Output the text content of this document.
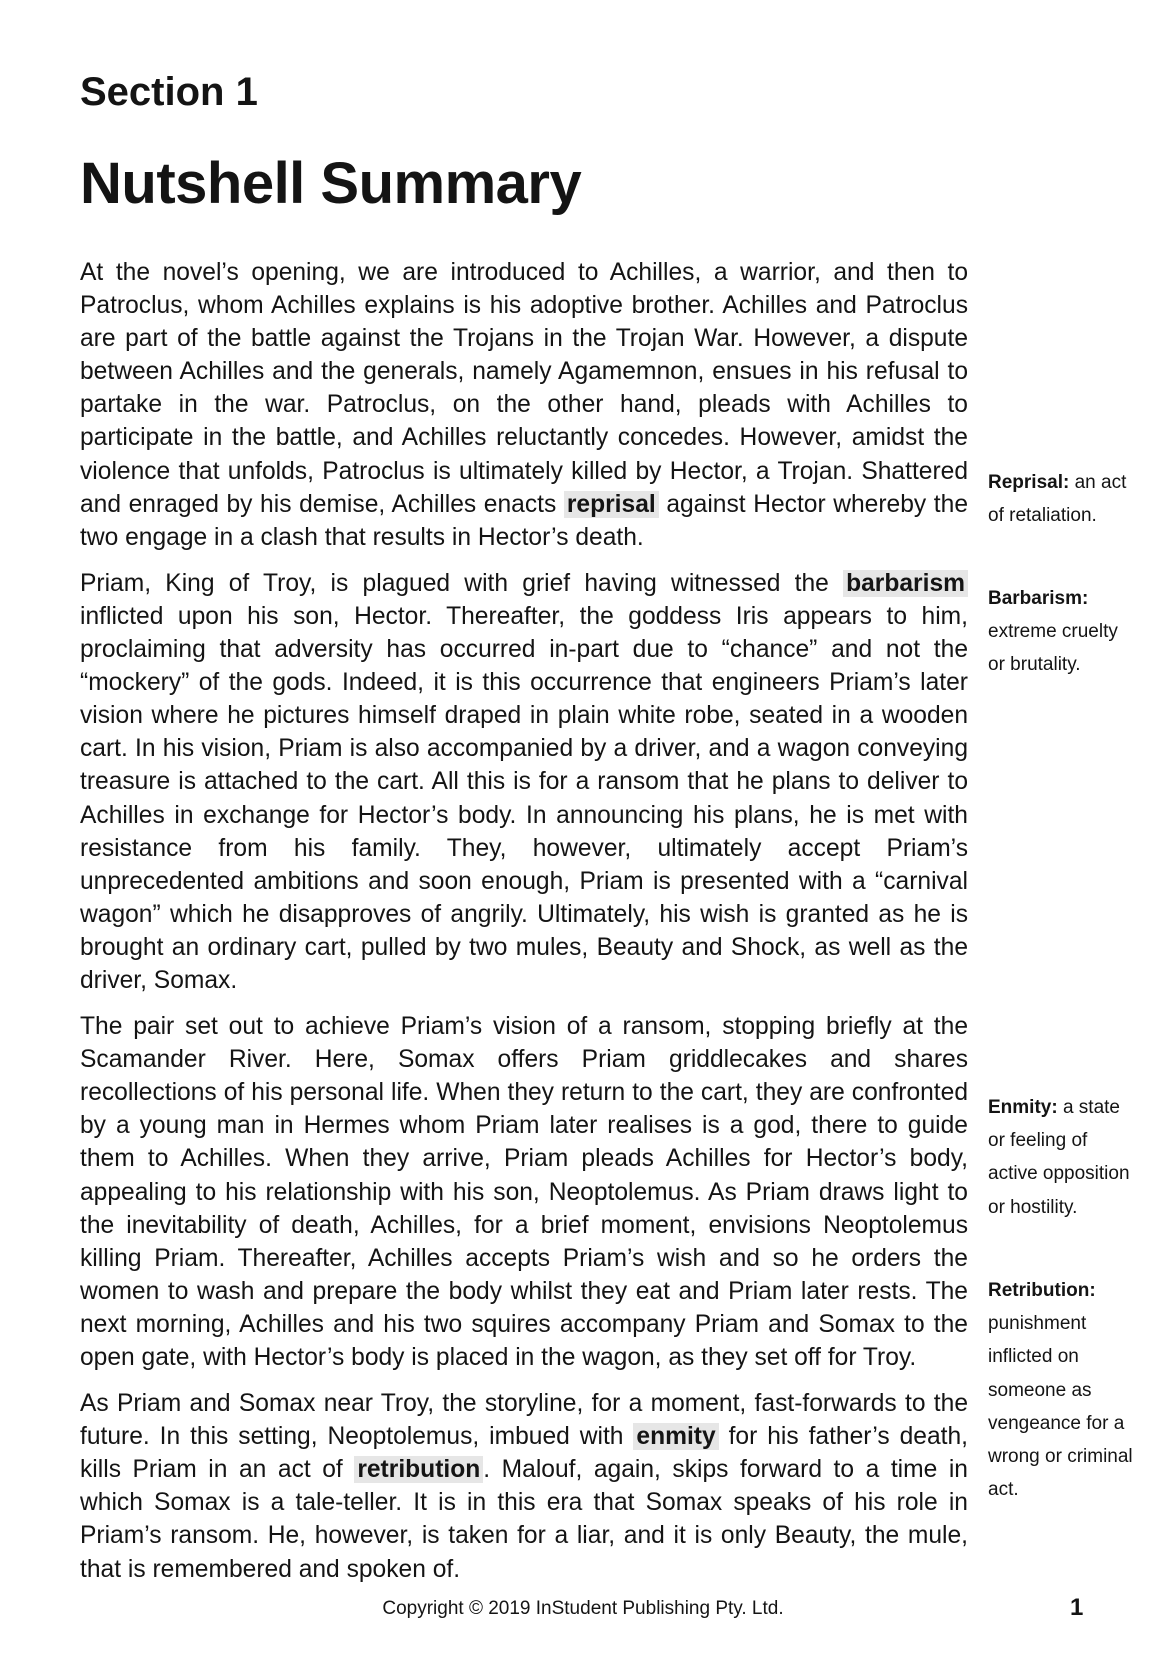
Section 1
Nutshell Summary

At the novel’s opening, we are introduced to Achilles, a warrior, and then to Patroclus, whom Achilles explains is his adoptive brother. Achilles and Patroclus are part of the battle against the Trojans in the Trojan War. However, a dispute between Achilles and the generals, namely Agamemnon, ensues in his refusal to partake in the war. Patroclus, on the other hand, pleads with Achilles to participate in the battle, and Achilles reluctantly concedes. However, amidst the violence that unfolds, Patroclus is ultimately killed by Hector, a Trojan. Shattered and enraged by his demise, Achilles enacts reprisal against Hector whereby the two engage in a clash that results in Hector’s death.

Priam, King of Troy, is plagued with grief having witnessed the barbarism inflicted upon his son, Hector. Thereafter, the goddess Iris appears to him, proclaiming that adversity has occurred in-part due to “chance” and not the “mockery” of the gods. Indeed, it is this occurrence that engineers Priam’s later vision where he pictures himself draped in plain white robe, seated in a wooden cart. In his vision, Priam is also accompanied by a driver, and a wagon conveying treasure is attached to the cart. All this is for a ransom that he plans to deliver to Achilles in exchange for Hector’s body. In announcing his plans, he is met with resistance from his family. They, however, ultimately accept Priam’s unprecedented ambitions and soon enough, Priam is presented with a “carnival wagon” which he disapproves of angrily. Ultimately, his wish is granted as he is brought an ordinary cart, pulled by two mules, Beauty and Shock, as well as the driver, Somax.

The pair set out to achieve Priam’s vision of a ransom, stopping briefly at the Scamander River. Here, Somax offers Priam griddlecakes and shares recollections of his personal life. When they return to the cart, they are confronted by a young man in Hermes whom Priam later realises is a god, there to guide them to Achilles. When they arrive, Priam pleads Achilles for Hector’s body, appealing to his relationship with his son, Neoptolemus. As Priam draws light to the inevitability of death, Achilles, for a brief moment, envisions Neoptolemus killing Priam. Thereafter, Achilles accepts Priam’s wish and so he orders the women to wash and prepare the body whilst they eat and Priam later rests. The next morning, Achilles and his two squires accompany Priam and Somax to the open gate, with Hector’s body is placed in the wagon, as they set off for Troy.

As Priam and Somax near Troy, the storyline, for a moment, fast-forwards to the future. In this setting, Neoptolemus, imbued with enmity for his father’s death, kills Priam in an act of retribution . Malouf, again, skips forward to a time in which Somax is a tale-teller. It is in this era that Somax speaks of his role in Priam’s ransom. He, however, is taken for a liar, and it is only Beauty, the mule, that is remembered and spoken of.

Reprisal: an act of retaliation.
Barbarism: extreme cruelty or brutality.
Enmity: a state or feeling of active opposition or hostility.
Retribution: punishment inflicted on someone as vengeance for a wrong or criminal act.
Copyright © 2019 InStudent Publishing Pty. Ltd.	1
